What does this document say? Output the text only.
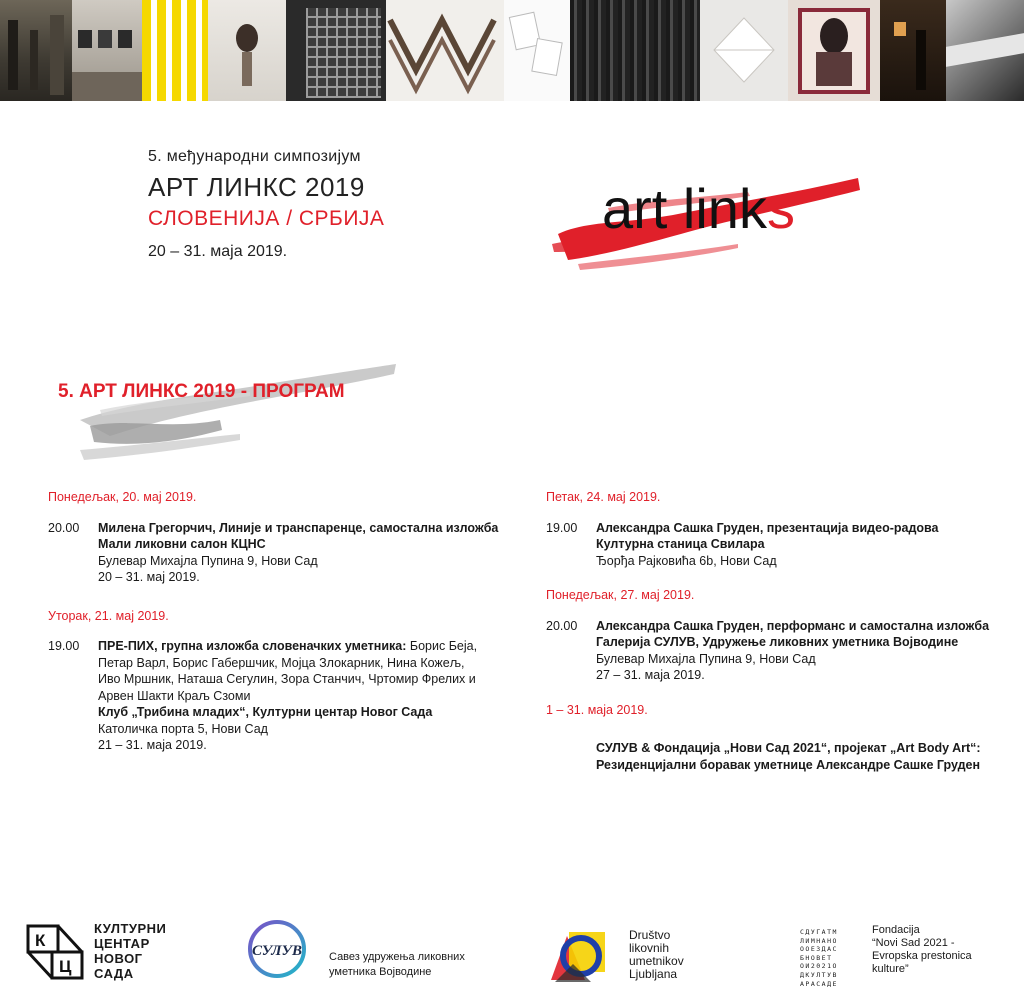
5. међународни симпозијум
АРТ ЛИНКС 2019
СЛОВЕНИЈА / СРБИЈА
20 – 31. маја 2019.
art links
5. АРТ ЛИНКС 2019 - ПРОГРАМ
Понедељак, 20. мај 2019.
20.00	Милена Грегорчич, Линије и транспаренце, самостална изложба
Мали ликовни салон КЦНС
Булевар Михајла Пупина 9, Нови Сад
20 – 31. мај 2019.
Уторак, 21. мај 2019.
19.00	ПРЕ-ПИХ, групна изложба словеначких уметника: Борис Беја,
Петар Варл, Борис Габершчик, Мојца Злокарник, Нина Кожељ,
Иво Мршник, Наташа Сегулин, Зора Станчич, Чртомир Фрелих и
Арвен Шакти Краљ Сзоми
Клуб „Трибина младих“, Културни центар Новог Сада
Католичка порта 5, Нови Сад
21 – 31. маја 2019.
Петак, 24. мај 2019.
19.00	Александра Сашка Груден, презентација видео-радова
Културна станица Свилара
Ђорђа Рајковића 6b, Нови Сад
Понедељак, 27. мај 2019.
20.00	Александра Сашка Груден, перформанс и самостална изложба
Галерија СУЛУВ, Удружење ликовних уметника Војводине
Булевар Михајла Пупина 9, Нови Сад
27 – 31. маја 2019.
1 – 31. маја 2019.
СУЛУВ & Фондација „Нови Сад 2021“, пројекат „Art Body Art“:
Резиденцијални боравак уметнице Александре Сашке Груден
К
Ц
КУЛТУРНИ
ЦЕНТАР
НОВОГ
САДА
СУЛУВ Савез удружења ликовних
уметника Војводине
Društvo
likovnih
umetnikov
Ljubljana
СДУГАТМ
ЛИМНАНО
ООЕЗДАС
БНОВЕТ
ОИ2021О
ДКУЛТУВ
АРАСАДЕ
Fondacija
“Novi Sad 2021 -
Evropska prestonica
kulture”
